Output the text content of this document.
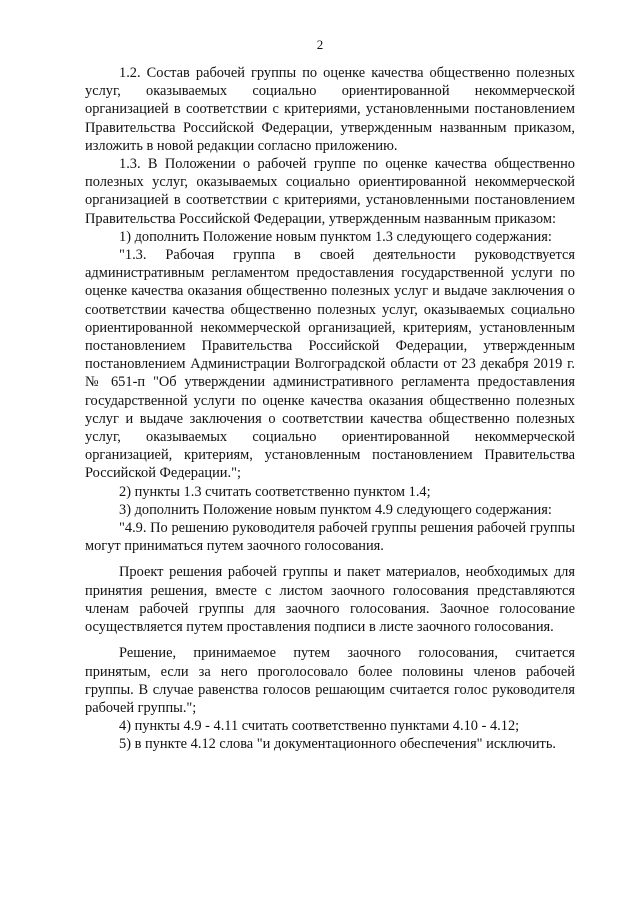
2

1.2. Состав рабочей группы по оценке качества общественно полезных услуг, оказываемых социально ориентированной некоммерческой организацией в соответствии с критериями, установленными постановлением Правительства Российской Федерации, утвержденным названным приказом, изложить в новой редакции согласно приложению.

1.3. В Положении о рабочей группе по оценке качества общественно полезных услуг, оказываемых социально ориентированной некоммерческой организацией в соответствии с критериями, установленными постановлением Правительства Российской Федерации, утвержденным названным приказом:

1) дополнить Положение новым пунктом 1.3 следующего содержания:

"1.3. Рабочая группа в своей деятельности руководствуется административным регламентом предоставления государственной услуги по оценке качества оказания общественно полезных услуг и выдаче заключения о соответствии качества общественно полезных услуг, оказываемых социально ориентированной некоммерческой организацией, критериям, установленным постановлением Правительства Российской Федерации, утвержденным постановлением Администрации Волгоградской области от 23 декабря 2019 г. № 651-п "Об утверждении административного регламента предоставления государственной услуги по оценке качества оказания общественно полезных услуг и выдаче заключения о соответствии качества общественно полезных услуг, оказываемых социально ориентированной некоммерческой организацией, критериям, установленным постановлением Правительства Российской Федерации.";

2) пункты 1.3 считать соответственно пунктом 1.4;

3) дополнить Положение новым пунктом 4.9 следующего содержания:

"4.9. По решению руководителя рабочей группы решения рабочей группы могут приниматься путем заочного голосования.

Проект решения рабочей группы и пакет материалов, необходимых для принятия решения, вместе с листом заочного голосования представляются членам рабочей группы для заочного голосования. Заочное голосование осуществляется путем проставления подписи в листе заочного голосования.

Решение, принимаемое путем заочного голосования, считается принятым, если за него проголосовало более половины членов рабочей группы. В случае равенства голосов решающим считается голос руководителя рабочей группы.";

4) пункты 4.9 - 4.11 считать соответственно пунктами 4.10 - 4.12;

5) в пункте 4.12 слова "и документационного обеспечения" исключить.
